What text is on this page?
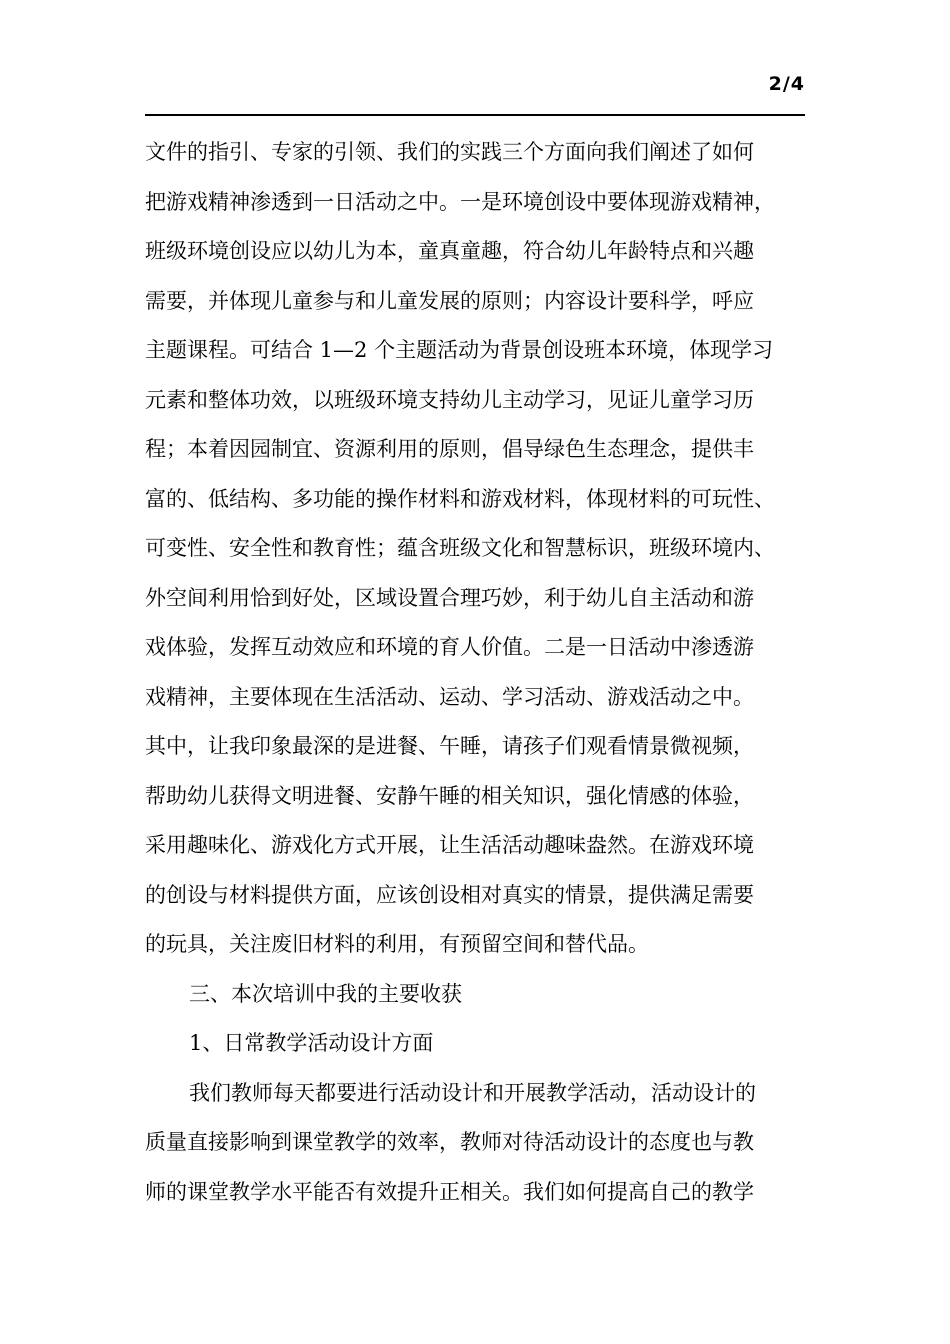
2/4
文件的指引、专家的引领、我们的实践三个方面向我们阐述了如何
把游戏精神渗透到一日活动之中。一是环境创设中要体现游戏精神，
班级环境创设应以幼儿为本，童真童趣，符合幼儿年龄特点和兴趣
需要，并体现儿童参与和儿童发展的原则；内容设计要科学，呼应
主题课程。可结合 1—2 个主题活动为背景创设班本环境，体现学习
元素和整体功效，以班级环境支持幼儿主动学习，见证儿童学习历
程；本着因园制宜、资源利用的原则，倡导绿色生态理念，提供丰
富的、低结构、多功能的操作材料和游戏材料，体现材料的可玩性、
可变性、安全性和教育性；蕴含班级文化和智慧标识，班级环境内、
外空间利用恰到好处，区域设置合理巧妙，利于幼儿自主活动和游
戏体验，发挥互动效应和环境的育人价值。二是一日活动中渗透游
戏精神，主要体现在生活活动、运动、学习活动、游戏活动之中。
其中，让我印象最深的是进餐、午睡，请孩子们观看情景微视频，
帮助幼儿获得文明进餐、安静午睡的相关知识，强化情感的体验，
采用趣味化、游戏化方式开展，让生活活动趣味盎然。在游戏环境
的创设与材料提供方面，应该创设相对真实的情景，提供满足需要
的玩具，关注废旧材料的利用，有预留空间和替代品。
三、本次培训中我的主要收获
1、日常教学活动设计方面
我们教师每天都要进行活动设计和开展教学活动，活动设计的
质量直接影响到课堂教学的效率，教师对待活动设计的态度也与教
师的课堂教学水平能否有效提升正相关。我们如何提高自己的教学
